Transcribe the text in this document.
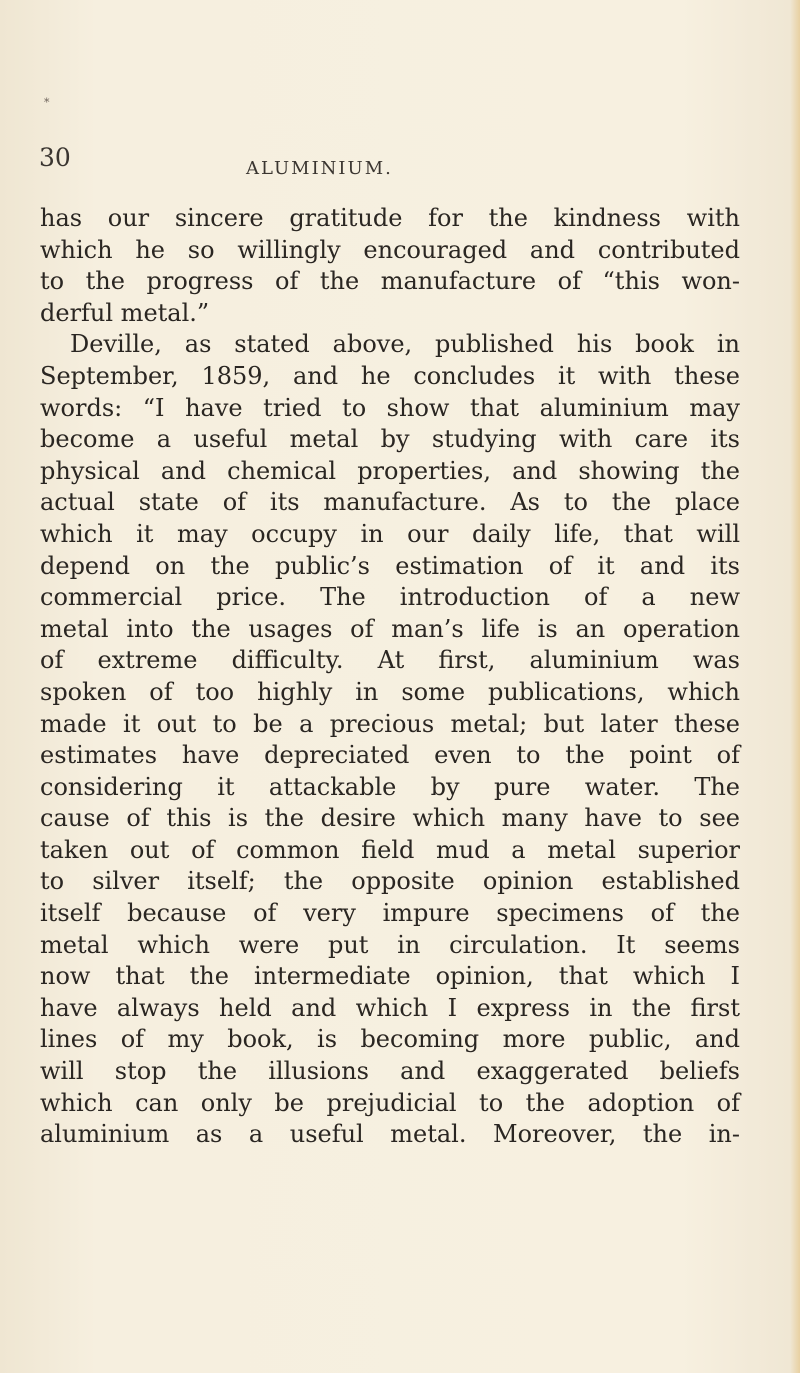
*
30	ALUMINIUM.
has our sincere gratitude for the kindness with
which he so willingly encouraged and contributed
to the progress of the manufacture of “this won-
derful metal.”
Deville, as stated above, published his book in
September, 1859, and he concludes it with these
words: “I have tried to show that aluminium may
become a useful metal by studying with care its
physical and chemical properties, and showing the
actual state of its manufacture. As to the place
which it may occupy in our daily life, that will
depend on the public’s estimation of it and its
commercial price. The introduction of a new
metal into the usages of man’s life is an operation
of extreme difficulty. At first, aluminium was
spoken of too highly in some publications, which
made it out to be a precious metal; but later these
estimates have depreciated even to the point of
considering it attackable by pure water. The
cause of this is the desire which many have to see
taken out of common field mud a metal superior
to silver itself; the opposite opinion established
itself because of very impure specimens of the
metal which were put in circulation. It seems
now that the intermediate opinion, that which I
have always held and which I express in the first
lines of my book, is becoming more public, and
will stop the illusions and exaggerated beliefs
which can only be prejudicial to the adoption of
aluminium as a useful metal. Moreover, the in-
